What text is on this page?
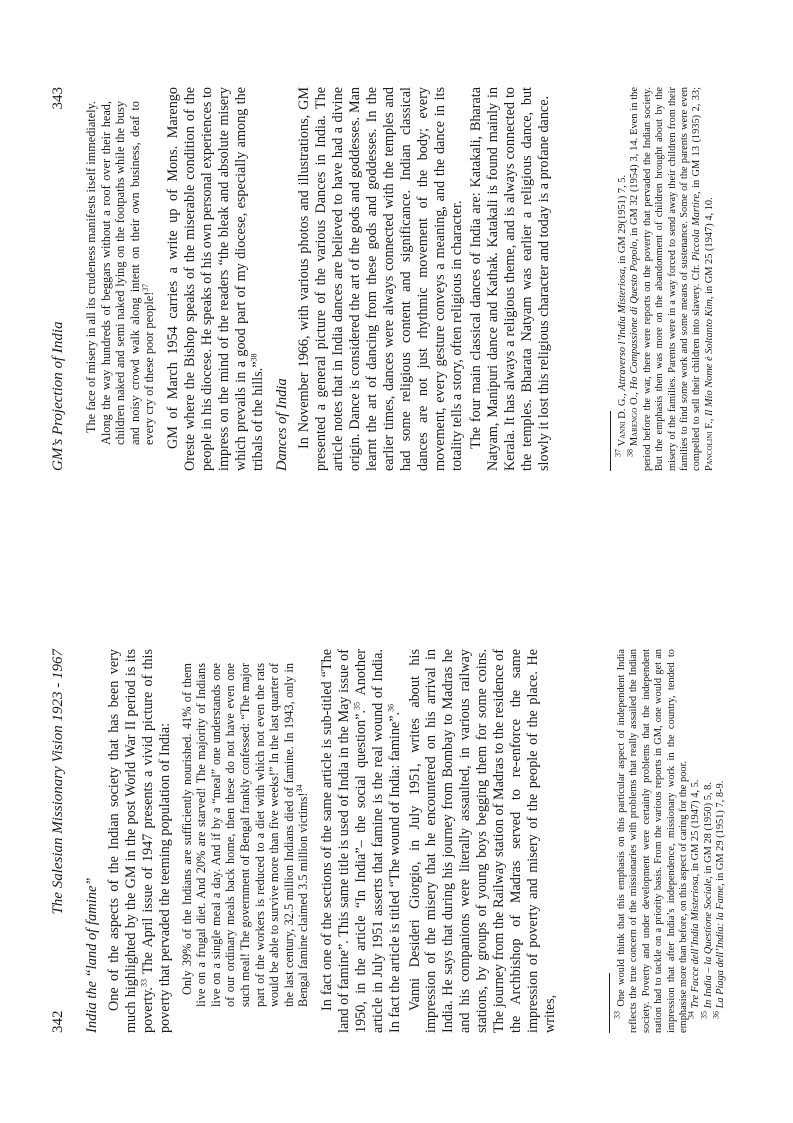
342
The Salesian Missionary Vision 1923 - 1967
India the “land of famine” One of the aspects of the Indian society that has been very much highlighted by the GM in the post World War II period is its poverty.$^{33}$ The April issue of 1947 presents a vivid picture of this poverty that pervaded the teeming population of India: Only 39% of the Indians are sufficiently nourished. 41% of them live on a frugal diet. And 20% are starved! The majority of Indians live on a single meal a day. And if by a “meal” one understands one of our ordinary meals back home, then these do not have even one such meal! The government of Bengal frankly confessed: “The major part of the workers is reduced to a diet with which not even the rats would be able to survive more than five weeks!” In the last quarter of the last century, 32.5 million Indians died of famine. In 1943, only in Bengal famine claimed 3.5 million victims!$^{34}$	In fact one of the sections of the same article is sub-titled “The land of famine”. This same title is used of India in the May issue of 1950, in the article “In India”– the social question”.$^{35}$ Another article in July 1951 asserts that famine is the real wound of India. In fact the article is titled “The wound of India: famine”.$^{36}$ Vanni Desideri Giorgio, in July 1951, writes about his impression of the misery that he encountered on his arrival in India. He says that during his journey from Bombay to Madras he and his companions were literally assaulted, in various railway stations, by groups of young boys begging them for some coins. The journey from the Railway station of Madras to the residence of the Archbishop of Madras served to re-enforce the same impression of poverty and misery of the people of the place. He writes,	$^{33}$ One would think that this emphasis on this particular aspect of independent India reflects the true concern of the missionaries with problems that really assailed the Indian society. Poverty and under development were certainly problems that the independent nation had to tackle on a priority basis. From the various reports in GM, one would get an impression that after India’s independence, missionary work in the country, tended to emphasise more than before, on this aspect of caring for the poor.

$^{34}$ Tre Facce dell’India Misteriosa, in GM 25 (1947) 4, 5.

$^{35}$ In India – la Questione Sociale, in GM 28 (1950) 5, 8.

$^{36}$ La Piaga dell’India: la Fame, in GM 29 (1951) 7, 8-9.

GM’s Projection of India
343
The face of misery in all its crudeness manifests itself immediately. Along the way hundreds of beggars without a roof over their head, children naked and semi naked lying on the footpaths while the busy and noisy crowd walk along intent on their own business, deaf to every cry of these poor people!$^{37}$	GM of March 1954 carries a write up of Mons. Marengo Oreste where the Bishop speaks of the miserable condition of the people in his diocese. He speaks of his own personal experiences to impress on the mind of the readers “the bleak and absolute misery which prevails in a good part of my diocese, especially among the tribals of the hills.”$^{38}$

Dances of India In November 1966, with various photos and illustrations, GM presented a general picture of the various Dances in India. The article notes that in India dances are believed to have had a divine origin. Dance is considered the art of the gods and goddesses. Man learnt the art of dancing from these gods and goddesses. In the earlier times, dances were always connected with the temples and had some religious content and significance. Indian classical dances are not just rhythmic movement of the body; every movement, every gesture conveys a meaning, and the dance in its totality tells a story, often religious in character. The four main classical dances of India are: Katakali, Bharata Natyam, Manipuri dance and Kathak. Katakali is found mainly in Kerala. It has always a religious theme, and is always connected to the temples. Bharata Natyam was earlier a religious dance, but slowly it lost this religious character and today is a profane dance.	$^{37}$ Vanni D. G., Attraverso l’India Misteriosa, in GM 29(1951) 7, 5.

$^{38}$ Marengo O., Ho Compassione di Questo Popolo, in GM 32 (1954) 3, 14. Even in the period before the war, there were reports on the poverty that pervaded the Indian society. But the emphasis then was more on the abandonment of children brought about by the misery of the families. Parents were in a way forced to send away their children from their families to find some work and some means of sustenance. Some of the parents were even compelled to sell their children into slavery. Cfr. Piccola Martire, in GM 13 (1935) 2, 33; Pancolini F., Il Mio Nome è Soltanto Kim, in GM 25 (1947) 4, 10.
